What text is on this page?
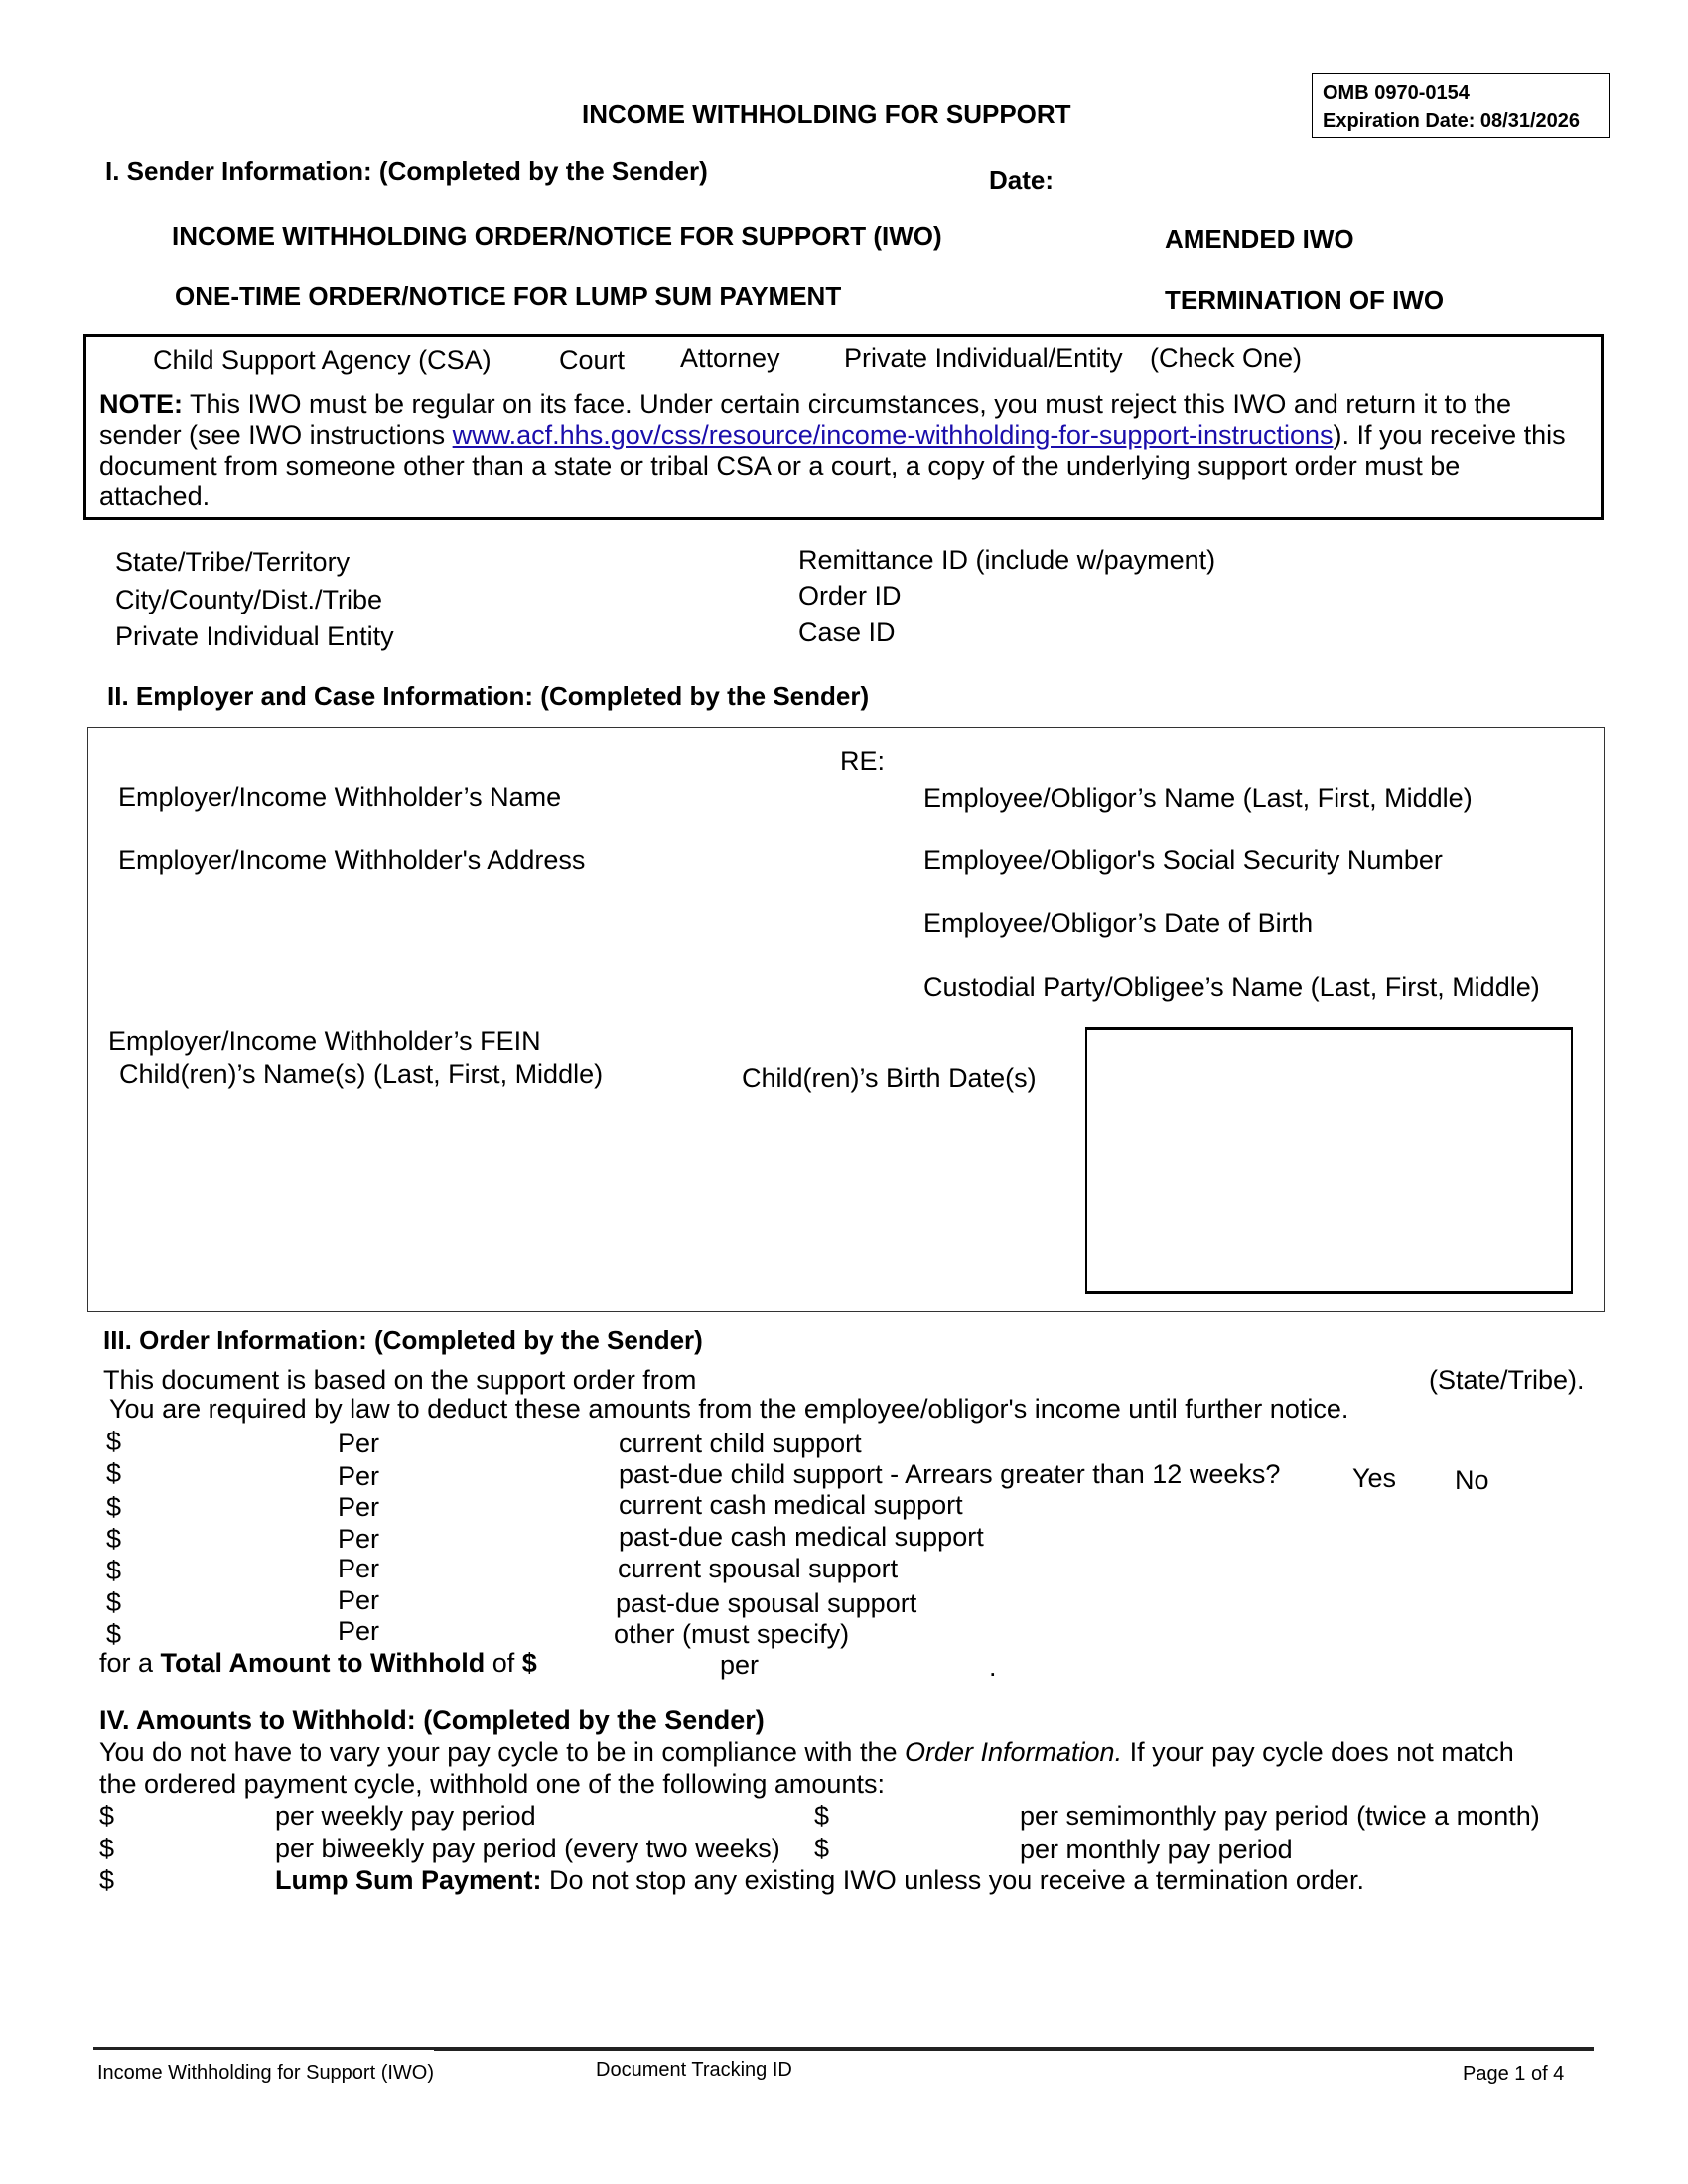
INCOME WITHHOLDING FOR SUPPORT
OMB 0970-0154
Expiration Date: 08/31/2026
I. Sender Information: (Completed by the Sender)	Date:
INCOME WITHHOLDING ORDER/NOTICE FOR SUPPORT (IWO)	AMENDED IWO
ONE-TIME ORDER/NOTICE FOR LUMP SUM PAYMENT	TERMINATION OF IWO
Child Support Agency (CSA)	Court Attorney Private Individual/Entity (Check One)
NOTE: This IWO must be regular on its face. Under certain circumstances, you must reject this IWO and return it to the sender (see IWO instructions www.acf.hhs.gov/css/resource/income-withholding-for-support-instructions). If you receive this document from someone other than a state or tribal CSA or a court, a copy of the underlying support order must be attached.
State/Tribe/Territory
City/County/Dist./Tribe
Private Individual Entity
Remittance ID (include w/payment)
Order ID
Case ID
II. Employer and Case Information: (Completed by the Sender)
RE:
Employer/Income Withholder’s Name
Employer/Income Withholder's Address
Employee/Obligor’s Name (Last, First, Middle)
Employee/Obligor's Social Security Number
Employee/Obligor’s Date of Birth
Custodial Party/Obligee’s Name (Last, First, Middle)
Employer/Income Withholder’s FEIN
Child(ren)’s Name(s) (Last, First, Middle)	Child(ren)’s Birth Date(s)
III. Order Information: (Completed by the Sender)
This document is based on the support order from	(State/Tribe).
You are required by law to deduct these amounts from the employee/obligor's income until further notice.
$	Per	current child support
$	Per	past-due child support - Arrears greater than 12 weeks?	Yes No
$	Per	current cash medical support
$	Per	past-due cash medical support
$	Per	current spousal support
$	Per	past-due spousal support
$	Per	other (must specify)
for a Total Amount to Withhold of $	per	.
IV. Amounts to Withhold: (Completed by the Sender)
You do not have to vary your pay cycle to be in compliance with the Order Information. If your pay cycle does not match
the ordered payment cycle, withhold one of the following amounts:
$	per weekly pay period	$	per semimonthly pay period (twice a month)
$	per biweekly pay period (every two weeks) $	per monthly pay period
$	Lump Sum Payment: Do not stop any existing IWO unless you receive a termination order.
Income Withholding for Support (IWO)	Document Tracking ID	Page 1 of 4
